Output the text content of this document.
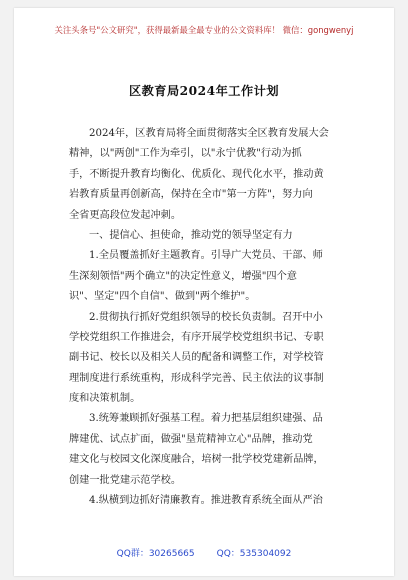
关注头条号"公文研究"，获得最新最全最专业的公文资料库！ 微信：gongwenyj
区教育局2024年工作计划
2024年，区教育局将全面贯彻落实全区教育发展大会
精神，以"两创"工作为牵引，以"永宁优教"行动为抓
手，不断提升教育均衡化、优质化、现代化水平，推动黄
岩教育质量再创新高，保持在全市"第一方阵"，努力向
全省更高段位发起冲刺。
一、提信心、担使命，推动党的领导坚定有力
1.全员覆盖抓好主题教育。引导广大党员、干部、师
生深刻领悟"两个确立"的决定性意义，增强"四个意
识"、坚定"四个自信"、做到"两个维护"。
2.贯彻执行抓好党组织领导的校长负责制。召开中小
学校党组织工作推进会，有序开展学校党组织书记、专职
副书记、校长以及相关人员的配备和调整工作，对学校管
理制度进行系统重构，形成科学完善、民主依法的议事制
度和决策机制。
3.统筹兼顾抓好强基工程。着力把基层组织建强、品
牌建优、试点扩面，做强"垦荒精神立心"品牌，推动党
建文化与校园文化深度融合，培树一批学校党建新品牌，
创建一批党建示范学校。
4.纵横到边抓好清廉教育。推进教育系统全面从严治
QQ群：30265665 QQ：535304092
